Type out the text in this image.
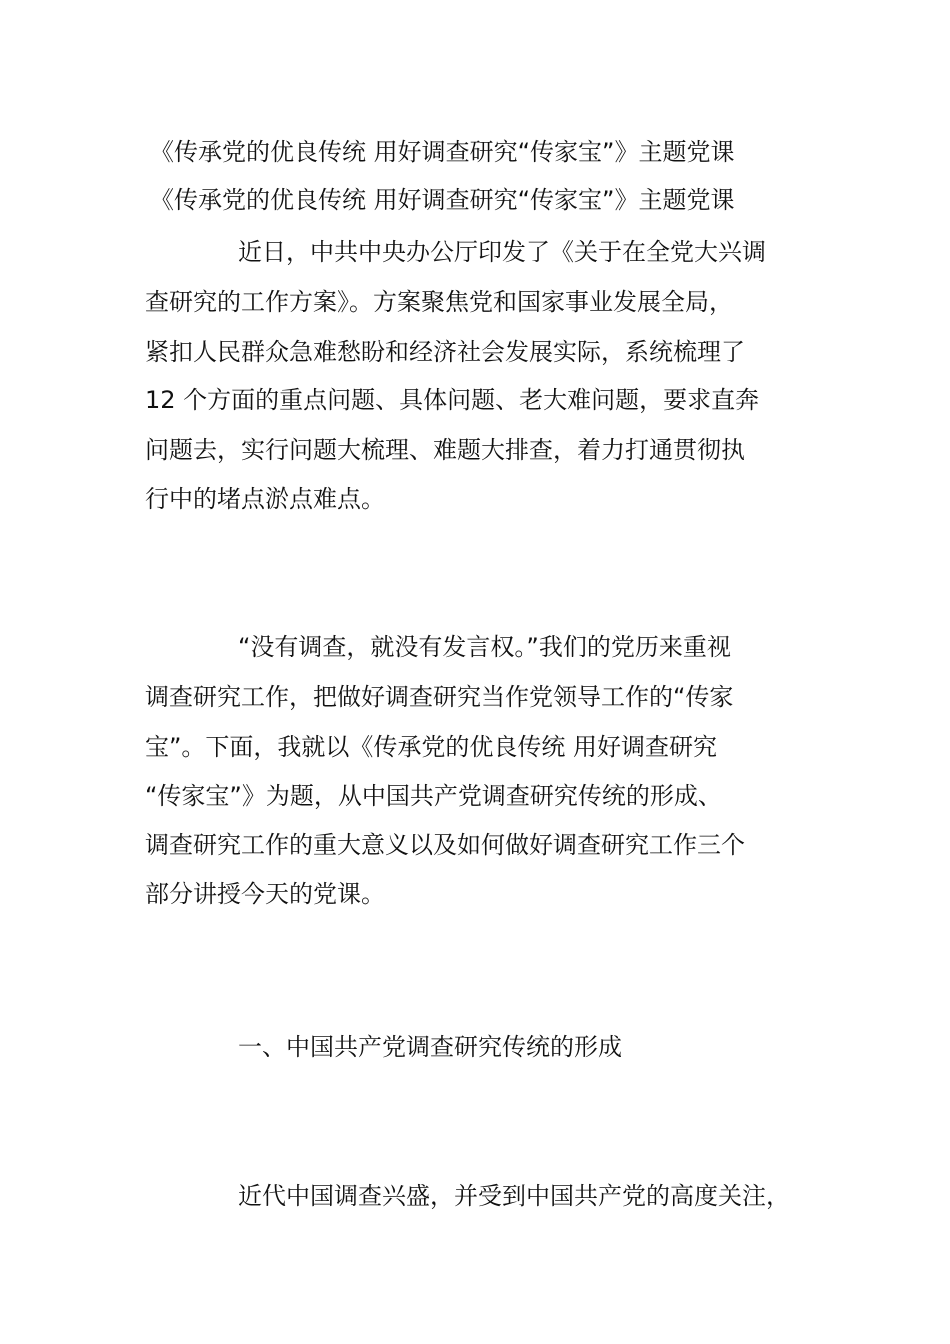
《传承党的优良传统 用好调查研究“传家宝”》主题党课
《传承党的优良传统 用好调查研究“传家宝”》主题党课
近日，中共中央办公厅印发了《关于在全党大兴调
查研究的工作方案》。方案聚焦党和国家事业发展全局，
紧扣人民群众急难愁盼和经济社会发展实际，系统梳理了
12 个方面的重点问题、具体问题、老大难问题，要求直奔
问题去，实行问题大梳理、难题大排查，着力打通贯彻执
行中的堵点淤点难点。
“没有调查，就没有发言权。”我们的党历来重视
调查研究工作，把做好调查研究当作党领导工作的“传家
宝”。下面，我就以《传承党的优良传统 用好调查研究
“传家宝”》为题，从中国共产党调查研究传统的形成、
调查研究工作的重大意义以及如何做好调查研究工作三个
部分讲授今天的党课。
一、中国共产党调查研究传统的形成
近代中国调查兴盛，并受到中国共产党的高度关注，
